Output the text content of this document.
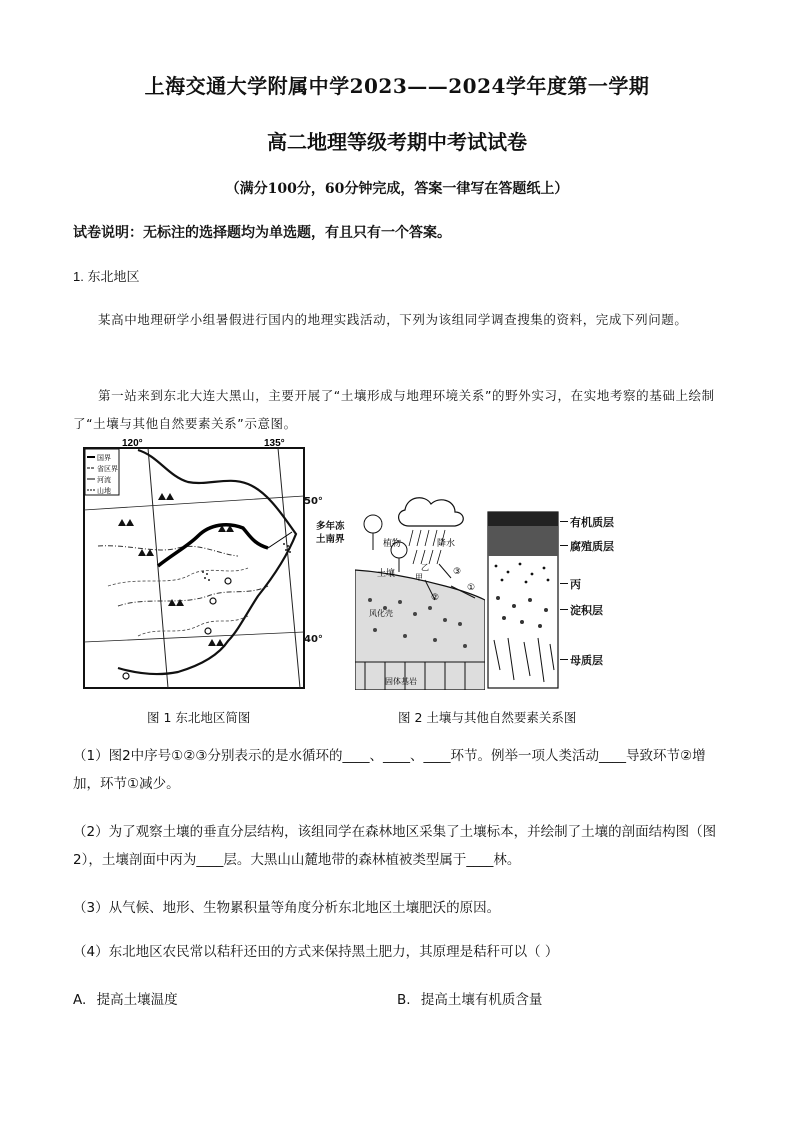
上海交通大学附属中学2023——2024学年度第一学期
高二地理等级考期中考试试卷
（满分100分，60分钟完成，答案一律写在答题纸上）
试卷说明：无标注的选择题均为单选题，有且只有一个答案。
1. 东北地区
某高中地理研学小组暑假进行国内的地理实践活动，下列为该组同学调查搜集的资料，完成下列问题。
第一站来到东北大连大黑山，主要开展了“土壤形成与地理环境关系”的野外实习，在实地考察的基础上绘制了“土壤与其他自然要素关系”示意图。
国界
省区界
河流
山地
120°	135°
50°
40°
多年冻
土南界	植物	降水
土壤
风化壳
固体基岩
①
②
③
甲
乙
有机质层
腐殖质层
丙
淀积层
母质层
图 1 东北地区简图	图 2 土壤与其他自然要素关系图
（1）图2中序号①②③分别表示的是水循环的____、____、____环节。例举一项人类活动____导致环节②增加，环节①减少。
（2）为了观察土壤的垂直分层结构，该组同学在森林地区采集了土壤标本，并绘制了土壤的剖面结构图（图2），土壤剖面中丙为____层。大黑山山麓地带的森林植被类型属于____林。
（3）从气候、地形、生物累积量等角度分析东北地区土壤肥沃的原因。
（4）东北地区农民常以秸秆还田的方式来保持黑土肥力，其原理是秸秆可以（ ）
A. 提高土壤温度	B. 提高土壤有机质含量
